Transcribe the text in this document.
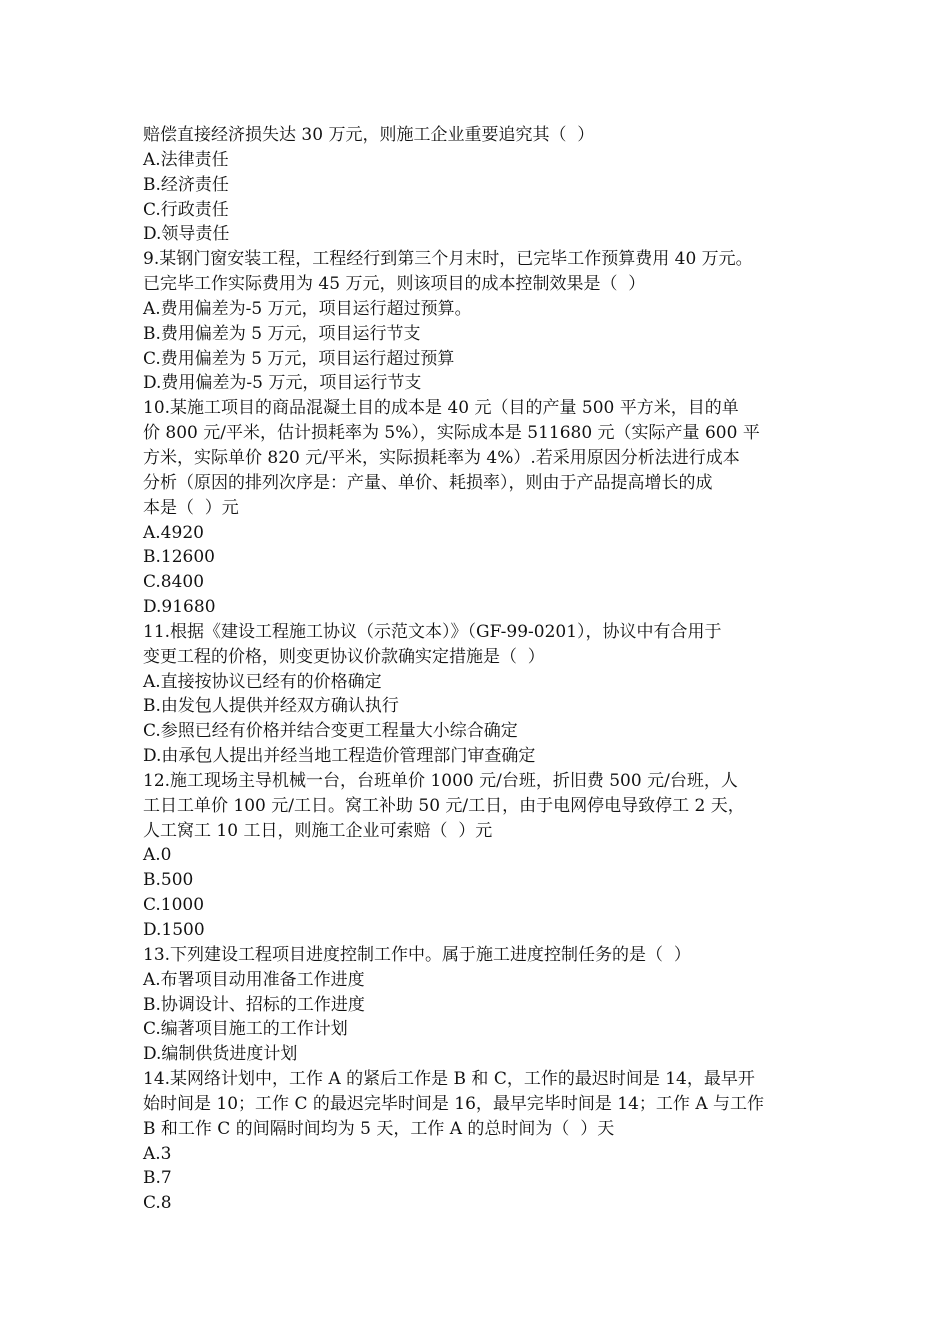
赔偿直接经济损失达 30 万元，则施工企业重要追究其（  ）
A.法律责任
B.经济责任
C.行政责任
D.领导责任
9.某钢门窗安装工程，工程经行到第三个月末时，已完毕工作预算费用 40 万元。
已完毕工作实际费用为 45 万元，则该项目的成本控制效果是（  ）
A.费用偏差为-5 万元，项目运行超过预算。
B.费用偏差为 5 万元，项目运行节支
C.费用偏差为 5 万元，项目运行超过预算
D.费用偏差为-5 万元，项目运行节支
10.某施工项目的商品混凝土目的成本是 40 元（目的产量 500 平方米，目的单
价 800 元/平米，估计损耗率为 5%），实际成本是 511680 元（实际产量 600 平
方米，实际单价 820 元/平米，实际损耗率为 4%）.若采用原因分析法进行成本
分析（原因的排列次序是：产量、单价、耗损率），则由于产品提高增长的成
本是（  ）元
A.4920
B.12600
C.8400
D.91680
11.根据《建设工程施工协议（示范文本）》（GF-99-0201），协议中有合用于
变更工程的价格，则变更协议价款确实定措施是（  ）
A.直接按协议已经有的价格确定
B.由发包人提供并经双方确认执行
C.参照已经有价格并结合变更工程量大小综合确定
D.由承包人提出并经当地工程造价管理部门审查确定
12.施工现场主导机械一台，台班单价 1000 元/台班，折旧费 500 元/台班，人
工日工单价 100 元/工日。窝工补助 50 元/工日，由于电网停电导致停工 2 天，
人工窝工 10 工日，则施工企业可索赔（  ）元
A.0
B.500
C.1000
D.1500
13.下列建设工程项目进度控制工作中。属于施工进度控制任务的是（  ）
A.布署项目动用准备工作进度
B.协调设计、招标的工作进度
C.编著项目施工的工作计划
D.编制供货进度计划
14.某网络计划中，工作 A 的紧后工作是 B 和 C，工作的最迟时间是 14，最早开
始时间是 10；工作 C 的最迟完毕时间是 16，最早完毕时间是 14；工作 A 与工作
B 和工作 C 的间隔时间均为 5 天，工作 A 的总时间为（  ）天
A.3
B.7
C.8
